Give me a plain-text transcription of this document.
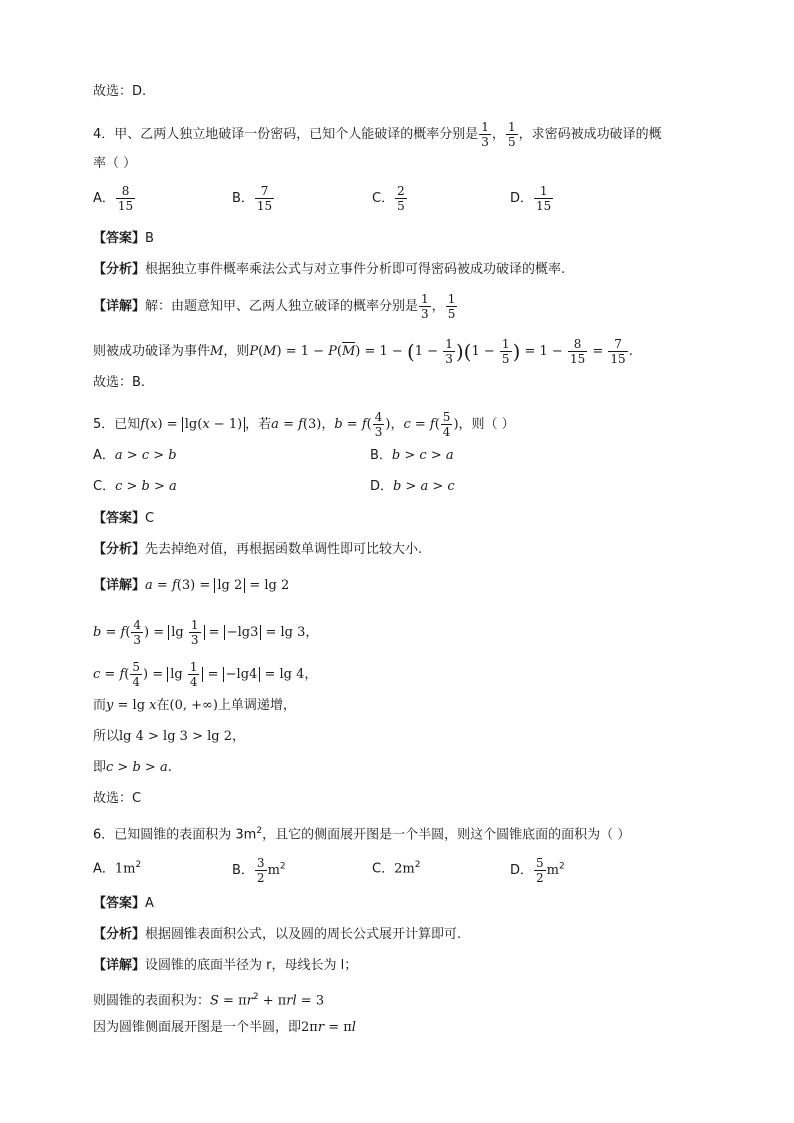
故选：D.
4．甲、乙两人独立地破译一份密码，已知个人能破译的概率分别是 $\frac{1}{3}$ ， $\frac{1}{5}$ ，求密码被成功破译的概
率（ ）
A． $\frac{8}{15}$	B． $\frac{7}{15}$	C． $\frac{2}{5}$	D． $\frac{1}{15}$
【答案】B
【分析】根据独立事件概率乘法公式与对立事件分析即可得密码被成功破译的概率.
【详解】解：由题意知甲、乙两人独立破译的概率分别是 $\frac{1}{3}$ ， $\frac{1}{5}$
则被成功破译为事件M，则$P(M) = 1 - P(M) = 1 - (1 - \frac{1}{3} )(1 - \frac{1}{5}$ ) = $1 - \frac{8}{15} = \frac{7}{15}$ .
故选：B.
5．已知f(x) = lg(x − 1) ，若a = f(3)，$b = f( \frac{4}{3}$ )，$c = f( \frac{5}{4}$ )，则（ ）
A．a > c > b	B．b > c > a
C．c > b > a	D．b > a > c
【答案】C
【分析】先去掉绝对值，再根据函数单调性即可比较大小.
【详解】a = f(3) = lg 2 = lg 2
$b = f( \frac{4}{3}$ ) = $\lg \frac{1}{3} = -\lg 3 = \lg 3$，
$c = f( \frac{5}{4}$ ) = $\lg \frac{1}{4} = -\lg 4 = \lg 4$，
而y = lg x在(0, +∞)上单调递增，
所以lg 4 > lg 3 > lg 2，
即c > b > a.
故选：C
6．已知圆锥的表面积为 $3m^2$，且它的侧面展开图是一个半圆，则这个圆锥底面的面积为（ ）
A．$1m^2$	B． $\frac{3}{2} m^2$	C．$2m^2$	D． $\frac{5}{2} m^2$
【答案】A
【分析】根据圆锥表面积公式，以及圆的周长公式展开计算即可.
【详解】设圆锥的底面半径为 r，母线长为 l；
则圆锥的表面积为：$S = \pi r^2 + \pi rl = 3$
因为圆锥侧面展开图是一个半圆，即2πr = πl
